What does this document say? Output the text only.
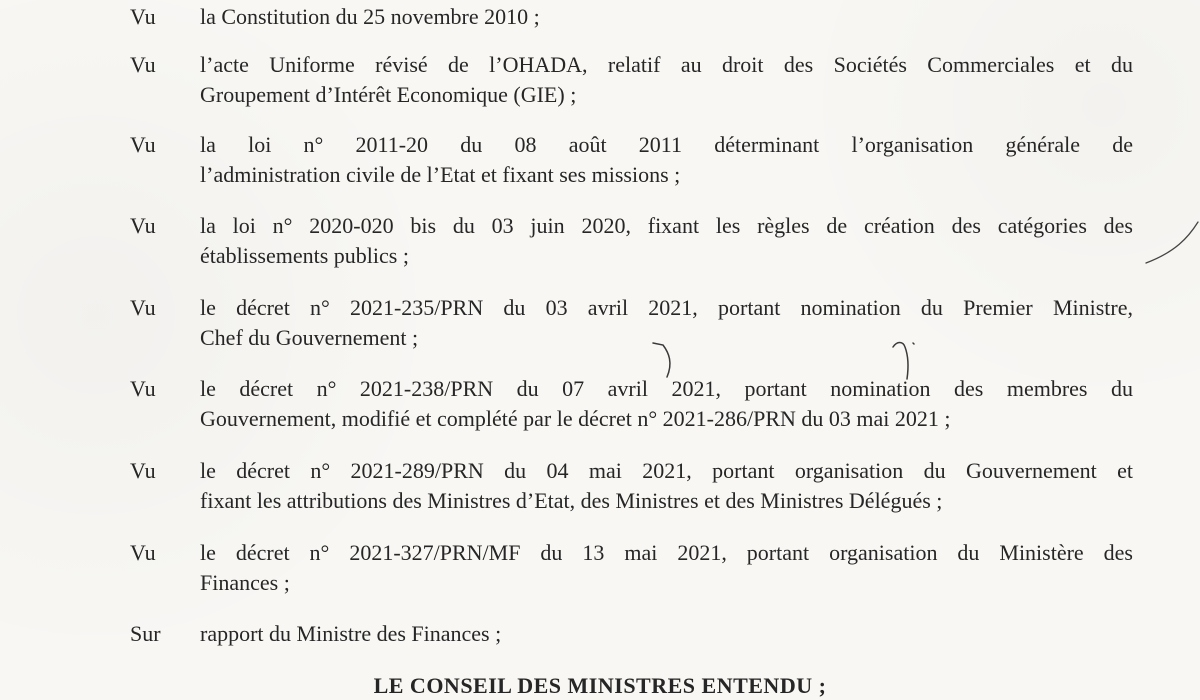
Vu la Constitution du 25 novembre 2010 ;
Vu l’acte Uniforme révisé de l’OHADA, relatif au droit des Sociétés Commerciales et du
Groupement d’Intérêt Economique (GIE) ;
Vu la loi n° 2011-20 du 08 août 2011 déterminant l’organisation générale de
l’administration civile de l’Etat et fixant ses missions ;
Vu la loi n° 2020-020 bis du 03 juin 2020, fixant les règles de création des catégories des
établissements publics ;
Vu le décret n° 2021-235/PRN du 03 avril 2021, portant nomination du Premier Ministre,
Chef du Gouvernement ;
Vu le décret n° 2021-238/PRN du 07 avril 2021, portant nomination des membres du
Gouvernement, modifié et complété par le décret n° 2021-286/PRN du 03 mai 2021 ;
Vu le décret n° 2021-289/PRN du 04 mai 2021, portant organisation du Gouvernement et
fixant les attributions des Ministres d’Etat, des Ministres et des Ministres Délégués ;
Vu le décret n° 2021-327/PRN/MF du 13 mai 2021, portant organisation du Ministère des
Finances ;
Sur rapport du Ministre des Finances ;
LE CONSEIL DES MINISTRES ENTENDU ;
